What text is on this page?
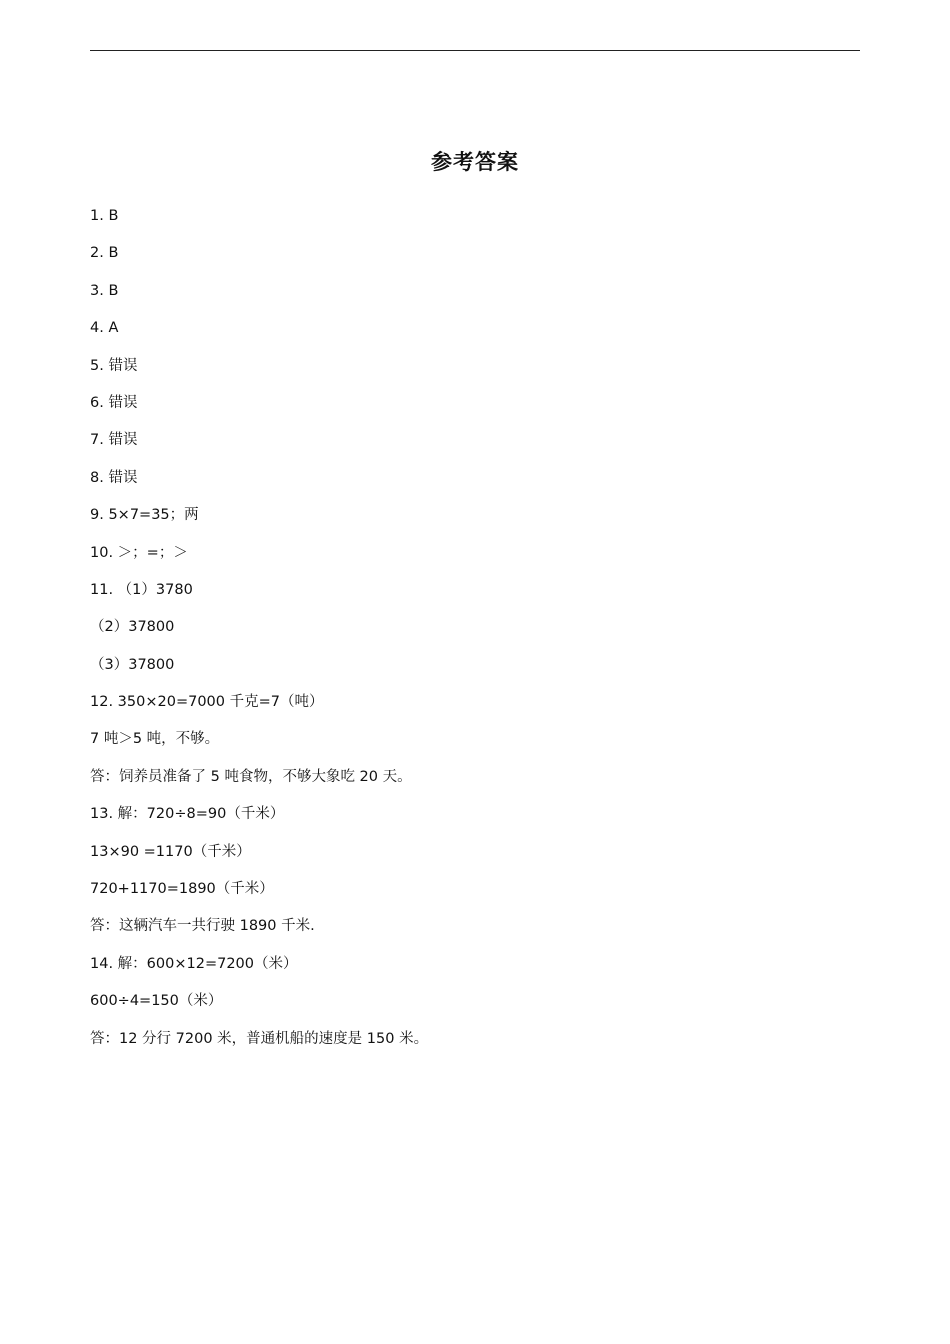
参考答案
1. B
2. B
3. B
4. A
5. 错误
6. 错误
7. 错误
8. 错误
9. 5×7=35；两
10. ＞；=；＞
11. （1）3780
（2）37800
（3）37800
12. 350×20=7000 千克=7（吨）
7 吨＞5 吨，不够。
答：饲养员准备了 5 吨食物，不够大象吃 20 天。
13. 解：720÷8=90（千米）
13×90 =1170（千米）
720+1170=1890（千米）
答：这辆汽车一共行驶 1890 千米.
14. 解：600×12=7200（米）
600÷4=150（米）
答：12 分行 7200 米，普通机船的速度是 150 米。
